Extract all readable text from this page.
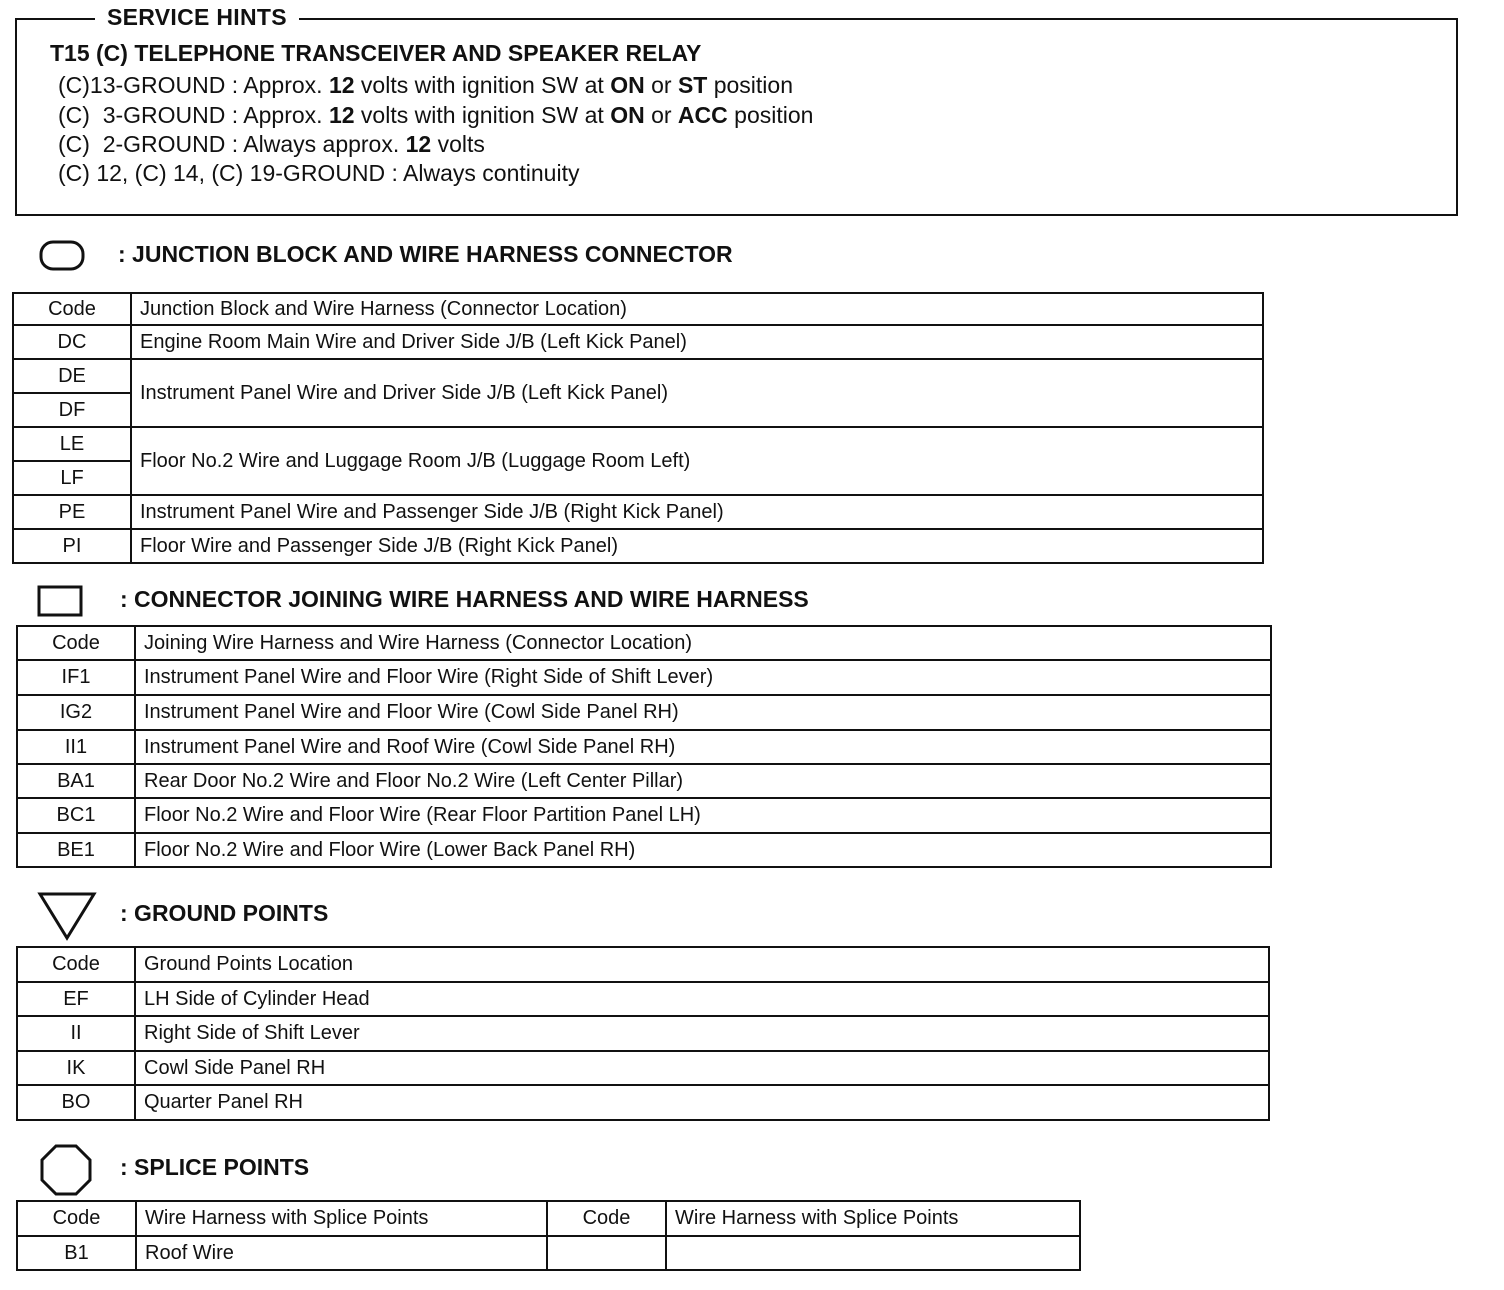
SERVICE HINTS
T15 (C) TELEPHONE TRANSCEIVER AND SPEAKER RELAY
(C)13-GROUND : Approx. 12 volts with ignition SW at ON or ST position
(C)  3-GROUND : Approx. 12 volts with ignition SW at ON or ACC position
(C)  2-GROUND : Always approx. 12 volts
(C) 12, (C) 14, (C) 19-GROUND : Always continuity
: JUNCTION BLOCK AND WIRE HARNESS CONNECTOR
Code	Junction Block and Wire Harness (Connector Location)
DC	Engine Room Main Wire and Driver Side J/B (Left Kick Panel)
DE	Instrument Panel Wire and Driver Side J/B (Left Kick Panel)
DF	
LE	Floor No.2 Wire and Luggage Room J/B (Luggage Room Left)
LF	
PE	Instrument Panel Wire and Passenger Side J/B (Right Kick Panel)
PI	Floor Wire and Passenger Side J/B (Right Kick Panel)
: CONNECTOR JOINING WIRE HARNESS AND WIRE HARNESS
Code	Joining Wire Harness and Wire Harness (Connector Location)
IF1	Instrument Panel Wire and Floor Wire (Right Side of Shift Lever)
IG2	Instrument Panel Wire and Floor Wire (Cowl Side Panel RH)
II1	Instrument Panel Wire and Roof Wire (Cowl Side Panel RH)
BA1	Rear Door No.2 Wire and Floor No.2 Wire (Left Center Pillar)
BC1	Floor No.2 Wire and Floor Wire (Rear Floor Partition Panel LH)
BE1	Floor No.2 Wire and Floor Wire (Lower Back Panel RH)
: GROUND POINTS
Code	Ground Points Location
EF	LH Side of Cylinder Head
II	Right Side of Shift Lever
IK	Cowl Side Panel RH
BO	Quarter Panel RH
: SPLICE POINTS
Code	Wire Harness with Splice Points	Code	Wire Harness with Splice Points
B1	Roof Wire		
